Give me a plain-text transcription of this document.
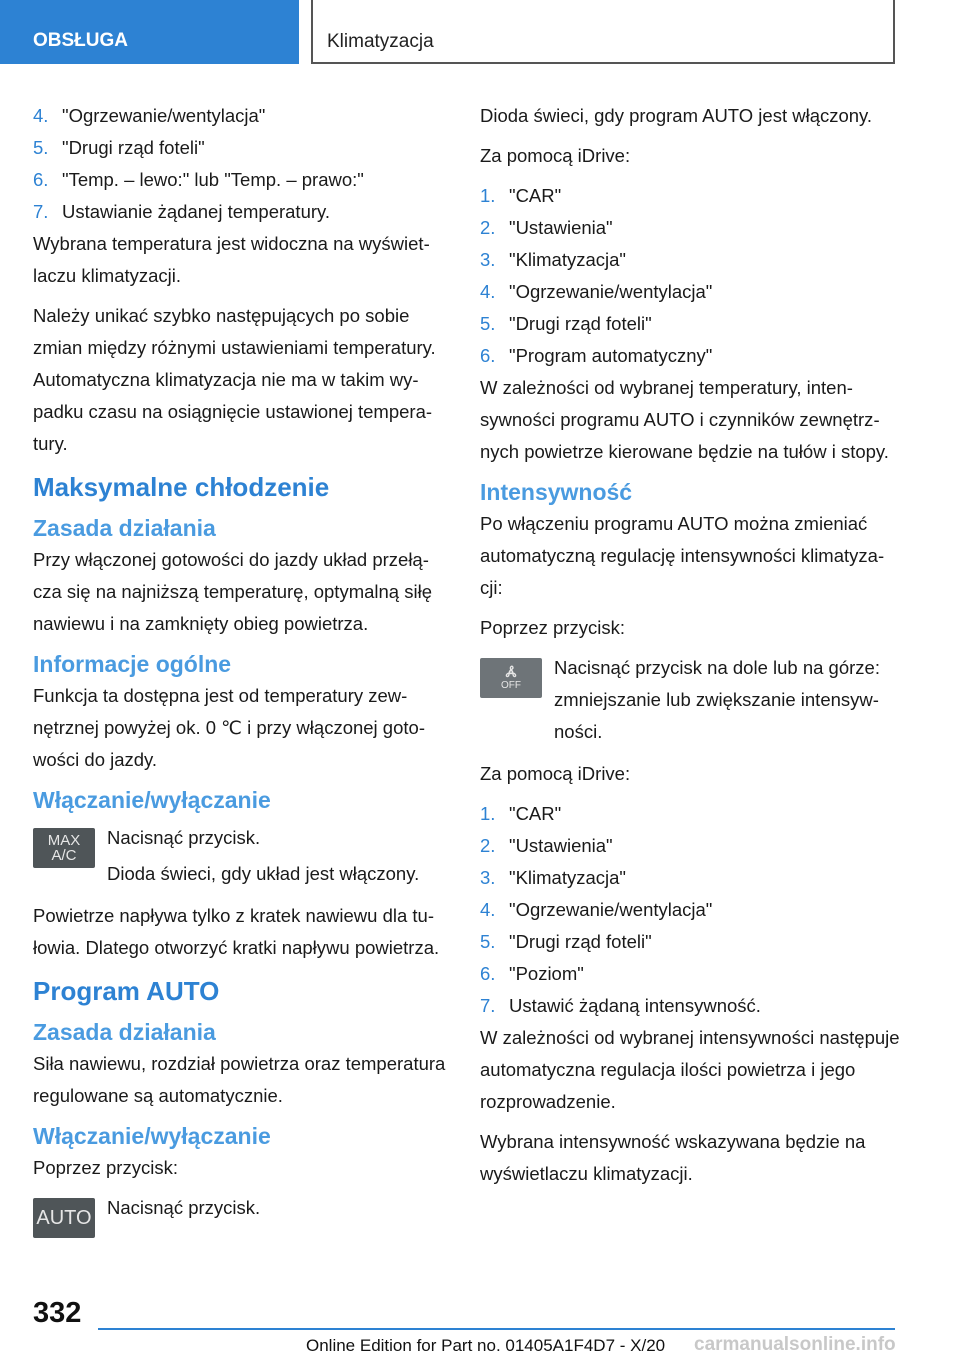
OBSŁUGA	Klimatyzacja
4. "Ogrzewanie/wentylacja"
5. "Drugi rząd foteli"
6. "Temp. – lewo:" lub "Temp. – prawo:"
7. Ustawianie żądanej temperatury.

Wybrana temperatura jest widoczna na wyświetlaczu klimatyzacji.

Należy unikać szybko następujących po sobie zmian między różnymi ustawieniami temperatury. Automatyczna klimatyzacja nie ma w takim wypadku czasu na osiągnięcie ustawionej temperatury.

Maksymalne chłodzenie
Zasada działania

Przy włączonej gotowości do jazdy układ przełącza się na najniższą temperaturę, optymalną siłę nawiewu i na zamknięty obieg powietrza.

Informacje ogólne

Funkcja ta dostępna jest od temperatury zewnętrznej powyżej ok. 0 ℃ i przy włączonej gotowości do jazdy.

Włączanie/wyłączanie
MAX
A/C

Nacisnąć przycisk.

Dioda świeci, gdy układ jest włączony.

Powietrze napływa tylko z kratek nawiewu dla tułowia. Dlatego otworzyć kratki napływu powietrza.

Program AUTO
Zasada działania

Siła nawiewu, rozdział powietrza oraz temperatura regulowane są automatycznie.

Włączanie/wyłączanie

Poprzez przycisk:

AUTO Nacisnąć przycisk.

Dioda świeci, gdy program AUTO jest włączony.

Za pomocą iDrive:

1. "CAR"
2. "Ustawienia"
3. "Klimatyzacja"
4. "Ogrzewanie/wentylacja"
5. "Drugi rząd foteli"
6. "Program automatyczny"

W zależności od wybranej temperatury, intensywności programu AUTO i czynników zewnętrznych powietrze kierowane będzie na tułów i stopy.

Intensywność

Po włączeniu programu AUTO można zmieniać automatyczną regulację intensywności klimatyzacji:

Poprzez przycisk:

OFF

Nacisnąć przycisk na dole lub na górze: zmniejszanie lub zwiększanie intensywności.

Za pomocą iDrive:

1. "CAR"
2. "Ustawienia"
3. "Klimatyzacja"
4. "Ogrzewanie/wentylacja"
5. "Drugi rząd foteli"
6. "Poziom"
7. Ustawić żądaną intensywność.

W zależności od wybranej intensywności następuje automatyczna regulacja ilości powietrza i jego rozprowadzenie.

Wybrana intensywność wskazywana będzie na wyświetlaczu klimatyzacji.

332
Online Edition for Part no. 01405A1F4D7 - X/20 carmanualsonline.info
